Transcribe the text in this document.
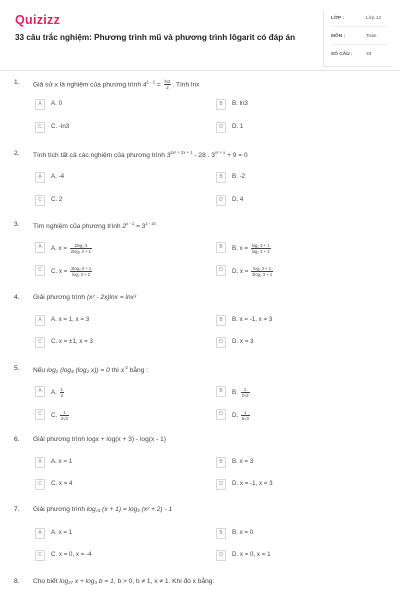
Quizizz
33 câu trắc nghiệm: Phương trình mũ và phương trình lôgarit có đáp án
LỚP :	Lớp 12
MÔN :	Toán
SỐ CÂU :	33
1. Giả sử x là nghiệm của phương trình $4^{1 - 2} = \frac{\ln 2}{2}$ . Tính lnx
A	A. 0	B	B. ln3
C	C. -ln3	D	D. 1
2. Tính tích tất cả các nghiệm của phương trình $3^{2x^2 + 2x + 1} - 28$ . $3^{x^2 + x} + 9 = 0$
A	A. -4	B	B. -2
C	C. 2	D	D. 4
3. Tìm nghiệm của phương trình $2^{x - 1} = 3^{1 - 2x}$
A	A. $x = \frac{\text{2log₂ 3}}{\text{2log₂ 3 + 1}}$	B	B. $x = \frac{\text{log₂ 3 + 1}}{\text{log₂ 3 + 2}}$
C	C. $x = \frac{\text{2log₂ 3 + 1}}{\text{log₂ 3 + 2}}$	D	D. $x = \frac{\text{log₂ 3 + 1}}{\text{2log₂ 3 + 1}}$
4. Giải phương trình (x² - 2x)lnx = lnx³
A	A. x = 1, x = 3	B	B. x = -1, x = 3
C	C. x = ±1, x = 3	D	D. x = 3
5. Nếu log₂ (log₄ (log₂ x)) = 0 thì $x^{-2}$ bằng :
A	A. $\frac{1}{3}$	B	B. $\frac{1}{2√2}$
C	C. $\frac{1}{3√3}$	D	D. $\frac{1}{6√3}$
6. Giải phương trình logx + log(x + 3) - log(x - 1)
A	A. x = 1	B	B. x = 3
C	C. x = 4	D	D. x = -1, x = 3
7. Giải phương trình $\log_{√3} (x + 1) = \log_3 (x^2 + 2) - 1$
A	A. x = 1	B	B. x = 0
C	C. x = 0, x = -4	D	D. x = 0, x = 1
8. Cho biết log₂₇ x + log₃ b = 1, b > 0, b ≠ 1, x ≠ 1. Khi đó x bằng:
